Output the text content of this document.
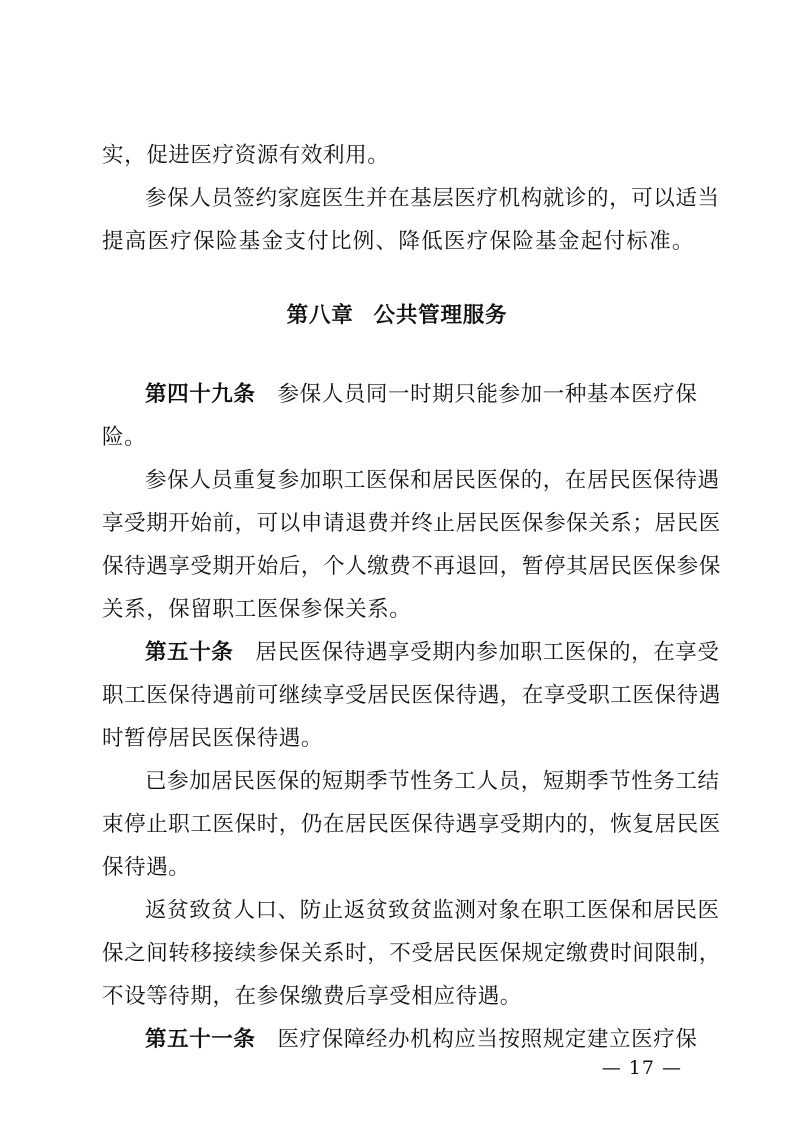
实，促进医疗资源有效利用。
参保人员签约家庭医生并在基层医疗机构就诊的，可以适当
提高医疗保险基金支付比例、降低医疗保险基金起付标准。
第八章 公共管理服务
第四十九条 参保人员同一时期只能参加一种基本医疗保
险。
参保人员重复参加职工医保和居民医保的，在居民医保待遇
享受期开始前，可以申请退费并终止居民医保参保关系；居民医
保待遇享受期开始后，个人缴费不再退回，暂停其居民医保参保
关系，保留职工医保参保关系。
第五十条 居民医保待遇享受期内参加职工医保的，在享受
职工医保待遇前可继续享受居民医保待遇，在享受职工医保待遇
时暂停居民医保待遇。
已参加居民医保的短期季节性务工人员，短期季节性务工结
束停止职工医保时，仍在居民医保待遇享受期内的，恢复居民医
保待遇。
返贫致贫人口、防止返贫致贫监测对象在职工医保和居民医
保之间转移接续参保关系时，不受居民医保规定缴费时间限制，
不设等待期，在参保缴费后享受相应待遇。
第五十一条 医疗保障经办机构应当按照规定建立医疗保
— 17 —
